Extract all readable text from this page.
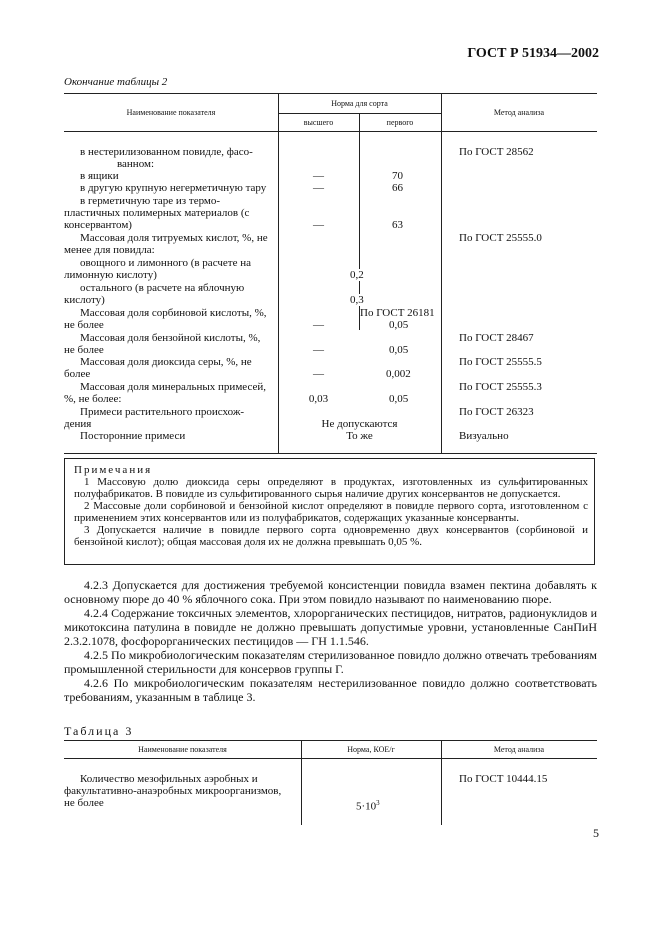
ГОСТ Р 51934—2002
Окончание таблицы 2
Наименование показателя
Норма для сорта
высшего	первого
Метод анализа
в нестерилизованном повидле, фасо-	По ГОСТ 28562
ванном:
в ящики	—	70
в другую крупную негерметичную тару	—	66
в герметичную таре из термо-
пластичных полимерных материалов (с
консервантом)	—	63
Массовая доля титруемых кислот, %, не	По ГОСТ 25555.0
менее для повидла:
овощного и лимонного (в расчете на
лимонную кислоту)	0,2
остального (в расчете на яблочную
кислоту)	0,3
Массовая доля сорбиновой кислоты, %,	По ГОСТ 26181
не более	—	0,05
Массовая доля бензойной кислоты, %,	По ГОСТ 28467
не более	—	0,05
Массовая доля диоксида серы, %, не	По ГОСТ 25555.5
более	—	0,002
Массовая доля минеральных примесей,	По ГОСТ 25555.3
%, не более:	0,03	0,05
Примеси растительного происхож-	По ГОСТ 26323
дения	Не допускаются
Посторонние примеси	То же	Визуально

Примечания

1 Массовую долю диоксида серы определяют в продуктах, изготовленных из сульфитированных полуфабрикатов. В повидле из сульфитированного сырья наличие других консервантов не допускается.

2 Массовые доли сорбиновой и бензойной кислот определяют в повидле первого сорта, изготовленном с применением этих консервантов или из полуфабрикатов, содержащих указанные консерванты.

3 Допускается наличие в повидле первого сорта одновременно двух консервантов (сорбиновой и бензойной кислот); общая массовая доля их не должна превышать 0,05 %.

4.2.3 Допускается для достижения требуемой консистенции повидла взамен пектина добавлять к основному пюре до 40 % яблочного сока. При этом повидло называют по наименованию пюре.

4.2.4 Содержание токсичных элементов, хлорорганических пестицидов, нитратов, радионуклидов и микотоксина патулина в повидле не должно превышать допустимые уровни, установленные СанПиН 2.3.2.1078, фосфорорганических пестицидов — ГН 1.1.546.

4.2.5 По микробиологическим показателям стерилизованное повидло должно отвечать требованиям промышленной стерильности для консервов группы Г.

4.2.6 По микробиологическим показателям нестерилизованное повидло должно соответствовать требованиям, указанным в таблице 3.

Таблица 3
Наименование показателя	Норма, КОЕ/г	Метод анализа
Количество мезофильных аэробных и
факультативно-анаэробных микроорганизмов,
не более	$5\cdot 10^3$
По ГОСТ 10444.15
5
